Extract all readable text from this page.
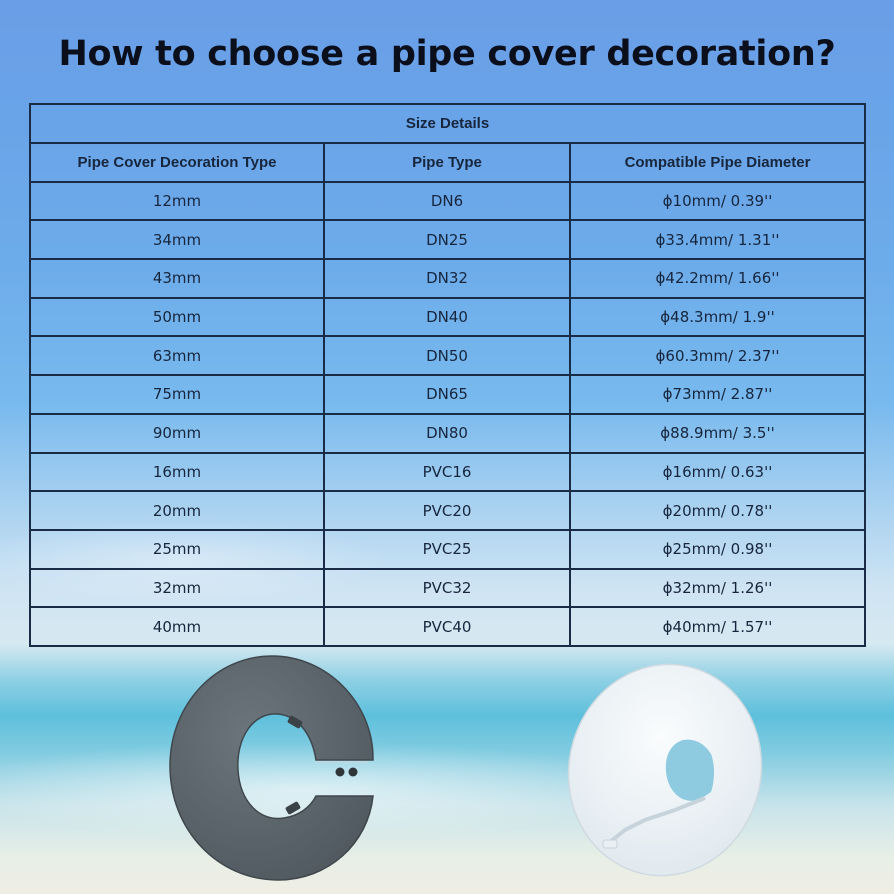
How to choose a pipe cover decoration?
Size Details		
Pipe Cover Decoration Type	Pipe Type	Compatible Pipe Diameter
12mm	DN6	ϕ10mm/ 0.39''
34mm	DN25	ϕ33.4mm/ 1.31''
43mm	DN32	ϕ42.2mm/ 1.66''
50mm	DN40	ϕ48.3mm/ 1.9''
63mm	DN50	ϕ60.3mm/ 2.37''
75mm	DN65	ϕ73mm/ 2.87''
90mm	DN80	ϕ88.9mm/ 3.5''
16mm	PVC16	ϕ16mm/ 0.63''
20mm	PVC20	ϕ20mm/ 0.78''
25mm	PVC25	ϕ25mm/ 0.98''
32mm	PVC32	ϕ32mm/ 1.26''
40mm	PVC40	ϕ40mm/ 1.57''
